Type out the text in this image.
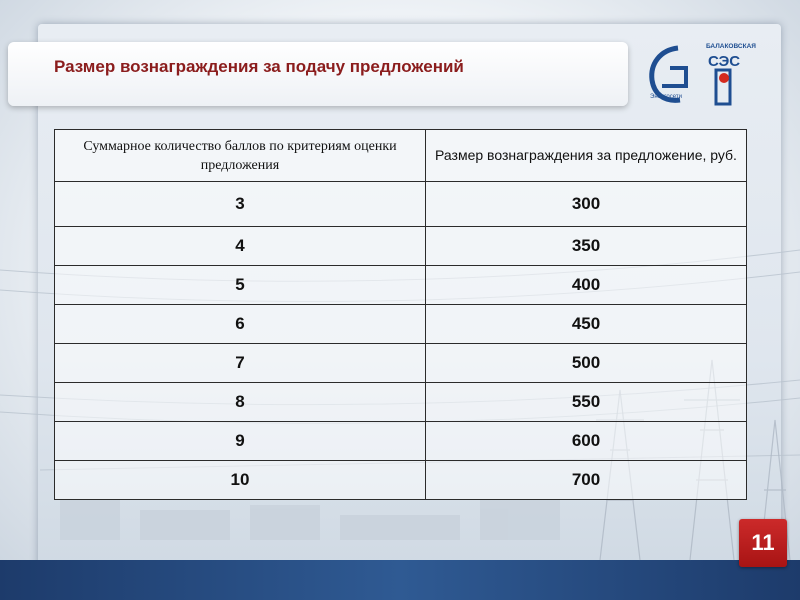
Размер вознаграждения за подачу предложений
Энергосети
БАЛАКОВСКАЯ
СЭС
Суммарное количество баллов по критериям оценки предложения	Размер вознаграждения за предложение, руб.
3	300
4	350
5	400
6	450
7	500
8	550
9	600
10	700
11
